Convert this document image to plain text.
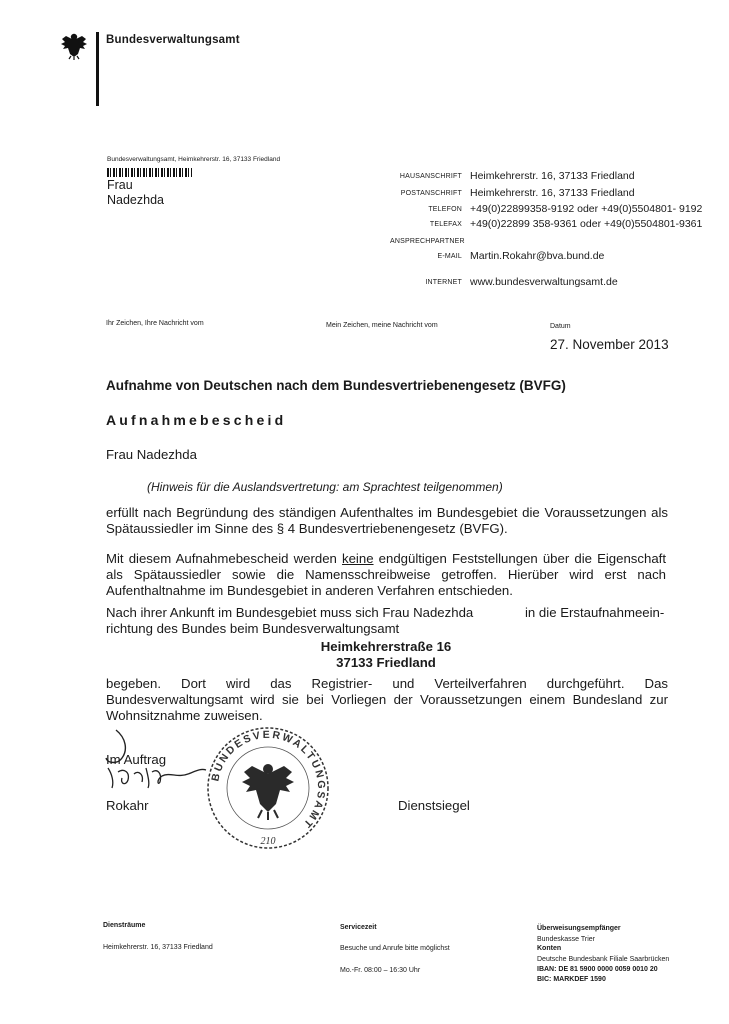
Bundesverwaltungsamt
Bundesverwaltungsamt, Heimkehrerstr. 16, 37133 Friedland
Frau
Nadezhda
HAUSANSCHRIFT Heimkehrerstr. 16, 37133 Friedland
POSTANSCHRIFT Heimkehrerstr. 16, 37133 Friedland
TELEFON +49(0)22899358-9192 oder +49(0)5504801- 9192
TELEFAX +49(0)22899 358-9361 oder +49(0)5504801-9361
ANSPRECHPARTNER
E-MAIL Martin.Rokahr@bva.bund.de
INTERNET www.bundesverwaltungsamt.de
Ihr Zeichen, Ihre Nachricht vom	Mein Zeichen, meine Nachricht vom	Datum
27. November 2013
Aufnahme von Deutschen nach dem Bundesvertriebenengesetz (BVFG)
Aufnahmebescheid
Frau Nadezhda
(Hinweis für die Auslandsvertretung: am Sprachtest teilgenommen)
erfüllt nach Begründung des ständigen Aufenthaltes im Bundesgebiet die Voraussetzungen als Spätaussiedler im Sinne des § 4 Bundesvertriebenengesetz (BVFG).
Mit diesem Aufnahmebescheid werden keine endgültigen Feststellungen über die Eigenschaft als Spätaussiedler sowie die Namensschreibweise getroffen. Hierüber wird erst nach Aufenthaltnahme im Bundesgebiet in anderen Verfahren entschieden.
Nach ihrer Ankunft im Bundesgebiet muss sich Frau Nadezhda	in die Erstaufnahmeein-
richtung des Bundes beim Bundesverwaltungsamt
Heimkehrerstraße 16
37133 Friedland
begeben. Dort wird das Registrier- und Verteilverfahren durchgeführt. Das Bundesverwaltungsamt wird sie bei Vorliegen der Voraussetzungen einem Bundesland zur Wohnsitznahme zuweisen.
Im Auftrag
Rokahr
BUNDESVERWALTUNGSAMT
210
Dienstsiegel
Diensträume
Heimkehrerstr. 16, 37133 Friedland
Servicezeit
Besuche und Anrufe bitte möglichst
Mo.-Fr. 08:00 – 16:30 Uhr
Überweisungsempfänger
Bundeskasse Trier
Konten
Deutsche Bundesbank Filiale Saarbrücken
IBAN: DE 81 5900 0000 0059 0010 20
BIC: MARKDEF 1590
